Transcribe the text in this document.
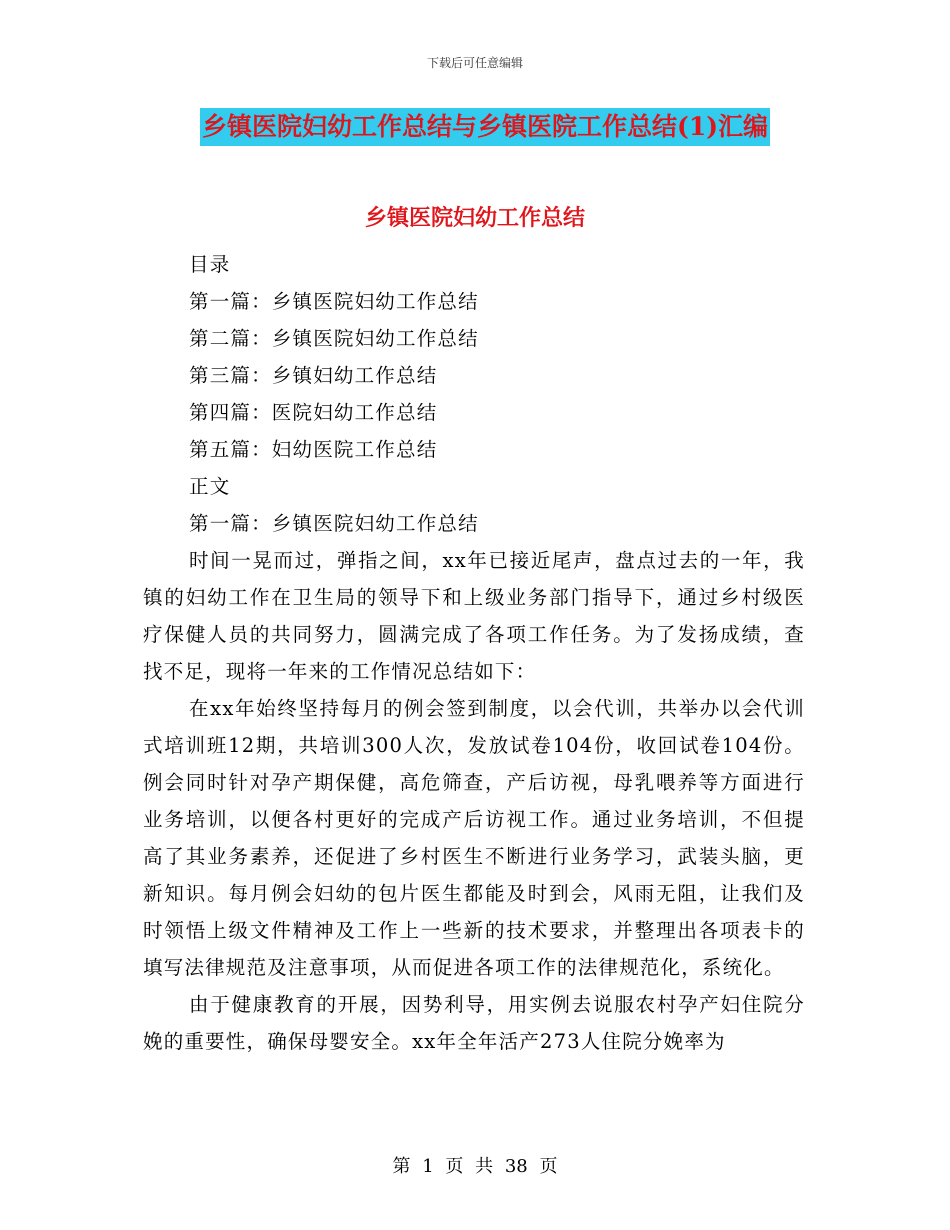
下载后可任意编辑
乡镇医院妇幼工作总结与乡镇医院工作总结(1)汇编
乡镇医院妇幼工作总结

目录

第一篇：乡镇医院妇幼工作总结

第二篇：乡镇医院妇幼工作总结

第三篇：乡镇妇幼工作总结

第四篇：医院妇幼工作总结

第五篇：妇幼医院工作总结

正文

第一篇：乡镇医院妇幼工作总结

时间一晃而过，弹指之间，xx年已接近尾声，盘点过去的一年，我镇的妇幼工作在卫生局的领导下和上级业务部门指导下，通过乡村级医疗保健人员的共同努力，圆满完成了各项工作任务。为了发扬成绩，查找不足，现将一年来的工作情况总结如下：

在xx年始终坚持每月的例会签到制度，以会代训，共举办以会代训式培训班12期，共培训300人次，发放试卷104份，收回试卷104份。例会同时针对孕产期保健，高危筛查，产后访视，母乳喂养等方面进行业务培训，以便各村更好的完成产后访视工作。通过业务培训，不但提高了其业务素养，还促进了乡村医生不断进行业务学习，武装头脑，更新知识。每月例会妇幼的包片医生都能及时到会，风雨无阻，让我们及时领悟上级文件精神及工作上一些新的技术要求，并整理出各项表卡的填写法律规范及注意事项，从而促进各项工作的法律规范化，系统化。

由于健康教育的开展，因势利导，用实例去说服农村孕产妇住院分娩的重要性，确保母婴安全。xx年全年活产273人住院分娩率为

第 1 页 共 38 页
